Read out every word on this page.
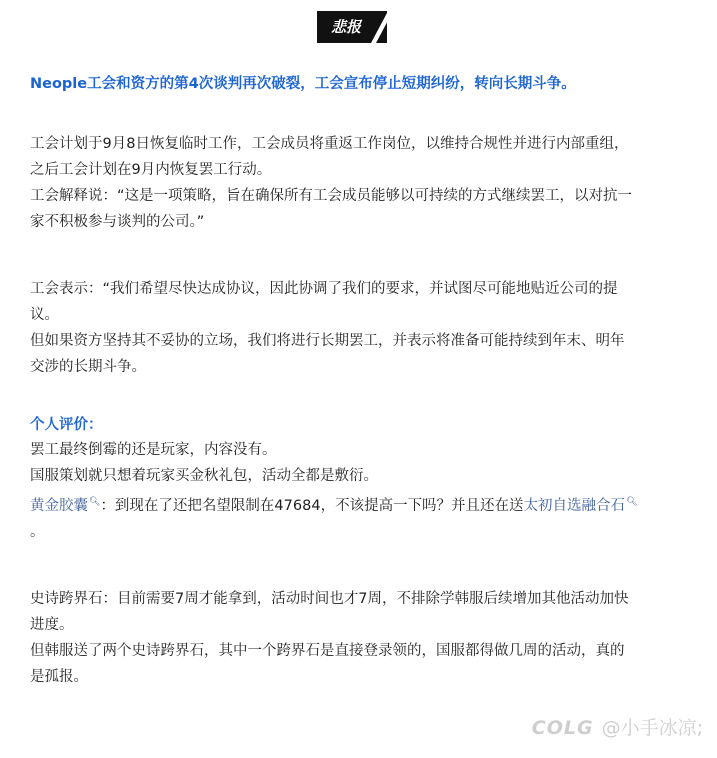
悲报

Neople工会和资方的第4次谈判再次破裂，工会宣布停止短期纠纷，转向长期斗争。

工会计划于9月8日恢复临时工作，工会成员将重返工作岗位，以维持合规性并进行内部重组，

之后工会计划在9月内恢复罢工行动。

工会解释说：“这是一项策略，旨在确保所有工会成员能够以可持续的方式继续罢工，以对抗一

家不积极参与谈判的公司。”

工会表示：“我们希望尽快达成协议，因此协调了我们的要求，并试图尽可能地贴近公司的提

议。

但如果资方坚持其不妥协的立场，我们将进行长期罢工，并表示将准备可能持续到年末、明年

交涉的长期斗争。

个人评价：

罢工最终倒霉的还是玩家，内容没有。

国服策划就只想着玩家买金秋礼包，活动全都是敷衍。

黄金胶囊🔍︎：到现在了还把名望限制在47684，不该提高一下吗？并且还在送太初自选融合石🔍︎

。

史诗跨界石：目前需要7周才能拿到，活动时间也才7周，不排除学韩服后续增加其他活动加快

进度。

但韩服送了两个史诗跨界石，其中一个跨界石是直接登录领的，国服都得做几周的活动，真的

是孤报。

COLG @小手冰凉;
